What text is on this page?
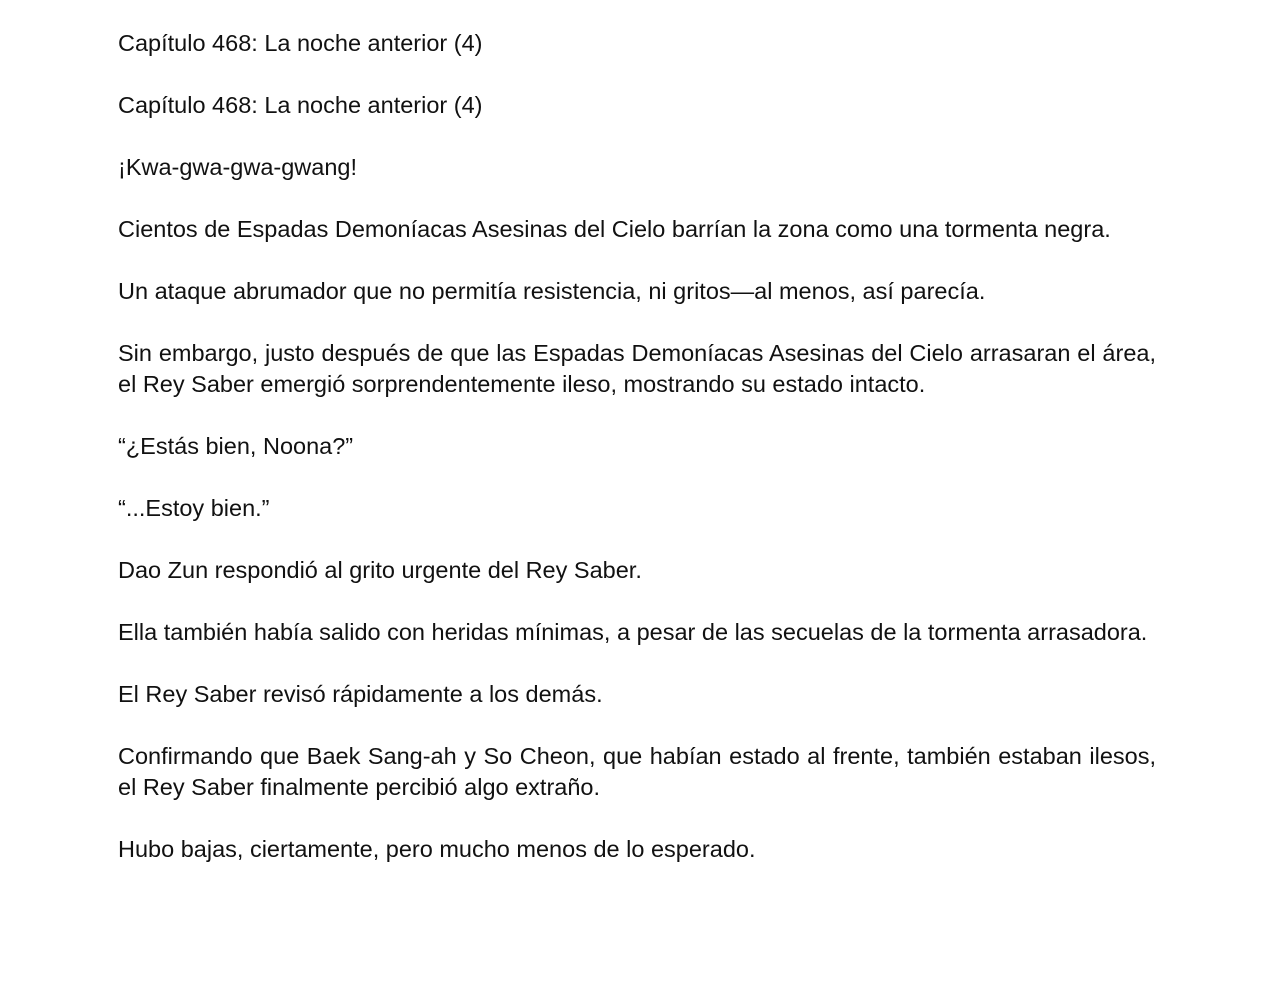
Capítulo 468: La noche anterior (4)

Capítulo 468: La noche anterior (4)

¡Kwa-gwa-gwa-gwang!

Cientos de Espadas Demoníacas Asesinas del Cielo barrían la zona como una tormenta negra.

Un ataque abrumador que no permitía resistencia, ni gritos—al menos, así parecía.

Sin embargo, justo después de que las Espadas Demoníacas Asesinas del Cielo arrasaran el área, el Rey Saber emergió sorprendentemente ileso, mostrando su estado intacto.

“¿Estás bien, Noona?”

“...Estoy bien.”

Dao Zun respondió al grito urgente del Rey Saber.

Ella también había salido con heridas mínimas, a pesar de las secuelas de la tormenta arrasadora.

El Rey Saber revisó rápidamente a los demás.

Confirmando que Baek Sang-ah y So Cheon, que habían estado al frente, también estaban ilesos, el Rey Saber finalmente percibió algo extraño.

Hubo bajas, ciertamente, pero mucho menos de lo esperado.
